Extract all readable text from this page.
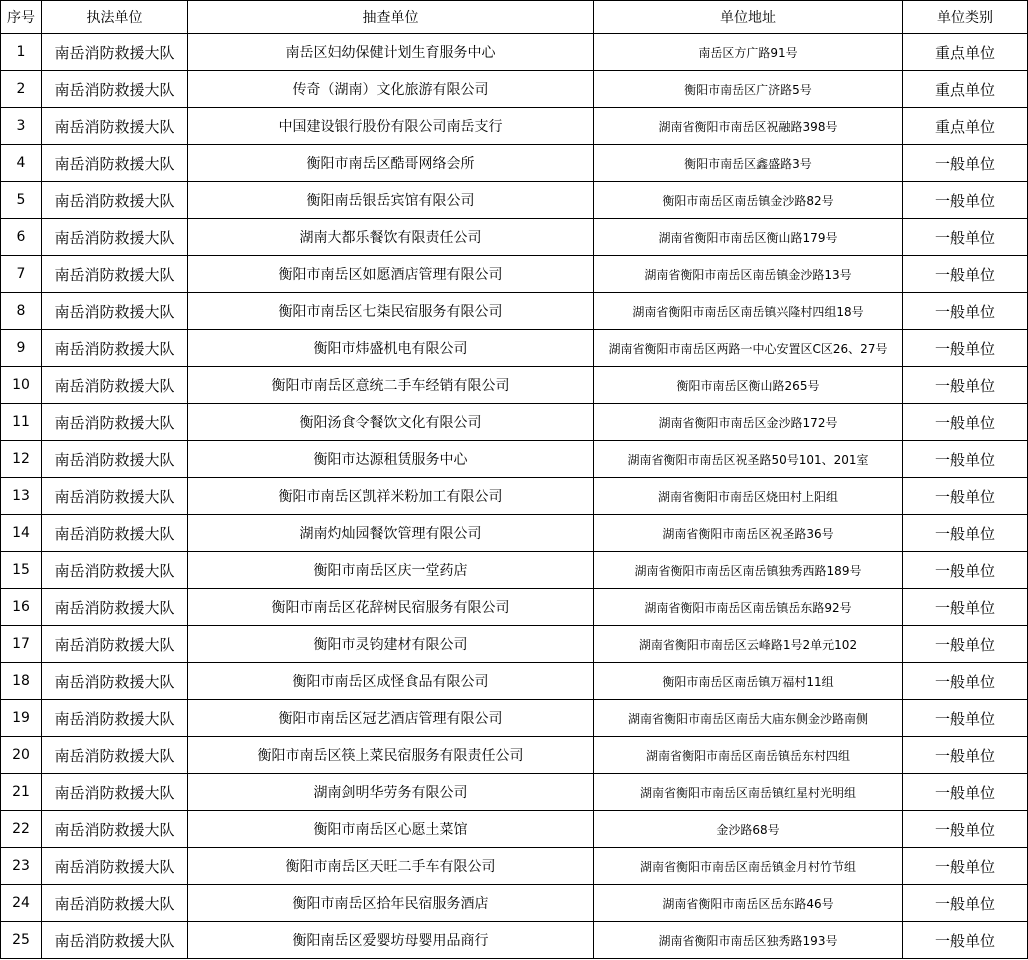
序号	执法单位	抽查单位	单位地址	单位类别
1	南岳消防救援大队	南岳区妇幼保健计划生育服务中心	南岳区方广路91号	重点单位
2	南岳消防救援大队	传奇（湖南）文化旅游有限公司	衡阳市南岳区广济路5号	重点单位
3	南岳消防救援大队	中国建设银行股份有限公司南岳支行	湖南省衡阳市南岳区祝融路398号	重点单位
4	南岳消防救援大队	衡阳市南岳区酷哥网络会所	衡阳市南岳区鑫盛路3号	一般单位
5	南岳消防救援大队	衡阳南岳银岳宾馆有限公司	衡阳市南岳区南岳镇金沙路82号	一般单位
6	南岳消防救援大队	湖南大都乐餐饮有限责任公司	湖南省衡阳市南岳区衡山路179号	一般单位
7	南岳消防救援大队	衡阳市南岳区如愿酒店管理有限公司	湖南省衡阳市南岳区南岳镇金沙路13号	一般单位
8	南岳消防救援大队	衡阳市南岳区七柒民宿服务有限公司	湖南省衡阳市南岳区南岳镇兴隆村四组18号	一般单位
9	南岳消防救援大队	衡阳市炜盛机电有限公司	湖南省衡阳市南岳区两路一中心安置区C区26、27号	一般单位
10	南岳消防救援大队	衡阳市南岳区意统二手车经销有限公司	衡阳市南岳区衡山路265号	一般单位
11	南岳消防救援大队	衡阳汤食令餐饮文化有限公司	湖南省衡阳市南岳区金沙路172号	一般单位
12	南岳消防救援大队	衡阳市达源租赁服务中心	湖南省衡阳市南岳区祝圣路50号101、201室	一般单位
13	南岳消防救援大队	衡阳市南岳区凯祥米粉加工有限公司	湖南省衡阳市南岳区烧田村上阳组	一般单位
14	南岳消防救援大队	湖南灼灿园餐饮管理有限公司	湖南省衡阳市南岳区祝圣路36号	一般单位
15	南岳消防救援大队	衡阳市南岳区庆一堂药店	湖南省衡阳市南岳区南岳镇独秀西路189号	一般单位
16	南岳消防救援大队	衡阳市南岳区花辞树民宿服务有限公司	湖南省衡阳市南岳区南岳镇岳东路92号	一般单位
17	南岳消防救援大队	衡阳市灵钧建材有限公司	湖南省衡阳市南岳区云峰路1号2单元102	一般单位
18	南岳消防救援大队	衡阳市南岳区成怪食品有限公司	衡阳市南岳区南岳镇万福村11组	一般单位
19	南岳消防救援大队	衡阳市南岳区冠艺酒店管理有限公司	湖南省衡阳市南岳区南岳大庙东侧金沙路南侧	一般单位
20	南岳消防救援大队	衡阳市南岳区筷上菜民宿服务有限责任公司	湖南省衡阳市南岳区南岳镇岳东村四组	一般单位
21	南岳消防救援大队	湖南剑明华劳务有限公司	湖南省衡阳市南岳区南岳镇红星村光明组	一般单位
22	南岳消防救援大队	衡阳市南岳区心愿土菜馆	金沙路68号	一般单位
23	南岳消防救援大队	衡阳市南岳区天旺二手车有限公司	湖南省衡阳市南岳区南岳镇金月村竹节组	一般单位
24	南岳消防救援大队	衡阳市南岳区拾年民宿服务酒店	湖南省衡阳市南岳区岳东路46号	一般单位
25	南岳消防救援大队	衡阳南岳区爱婴坊母婴用品商行	湖南省衡阳市南岳区独秀路193号	一般单位
